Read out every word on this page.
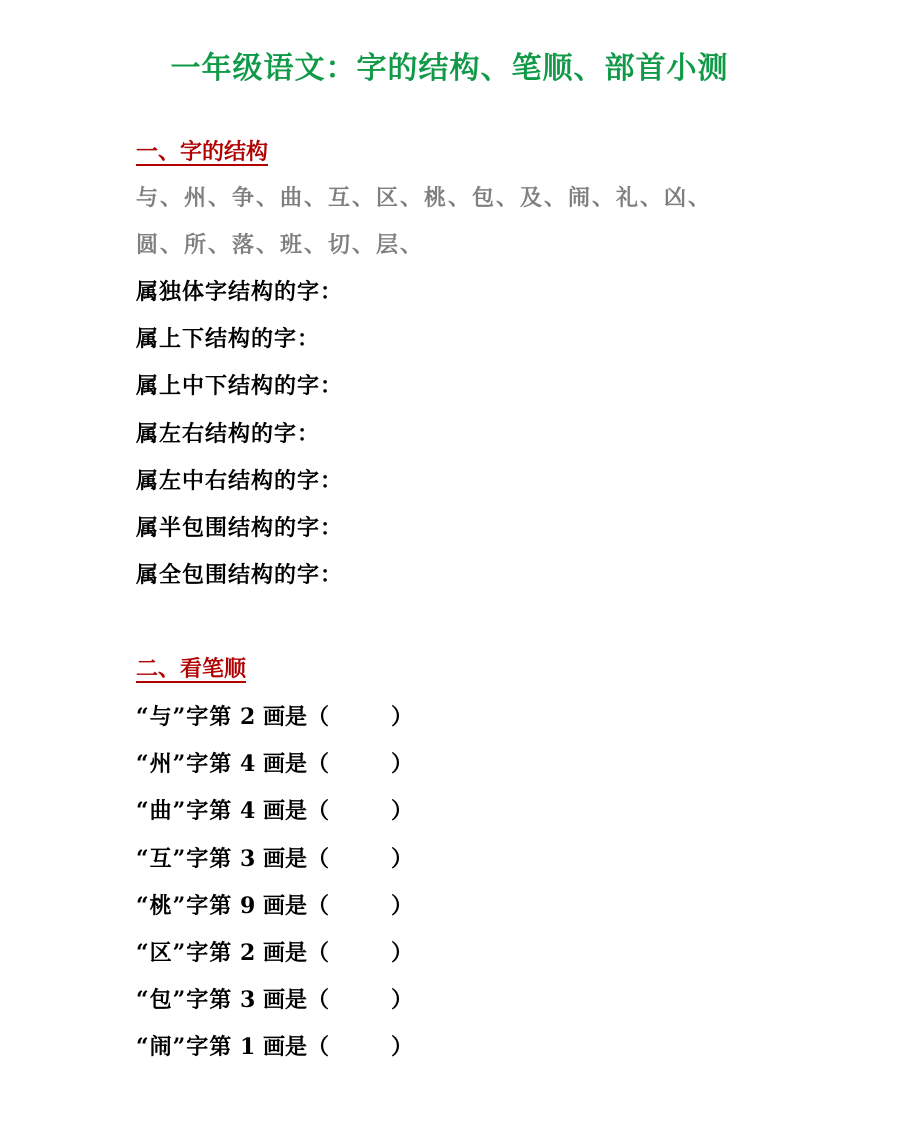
一年级语文：字的结构、笔顺、部首小测
一、字的结构
与、州、争、曲、互、区、桃、包、及、闹、礼、凶、
圆、所、落、班、切、层、
属独体字结构的字：
属上下结构的字：
属上中下结构的字：
属左右结构的字：
属左中右结构的字：
属半包围结构的字：
属全包围结构的字：
二、看笔顺
“与”字第 2 画是（	）
“州”字第 4 画是（	）
“曲”字第 4 画是（	）
“互”字第 3 画是（	）
“桃”字第 9 画是（	）
“区”字第 2 画是（	）
“包”字第 3 画是（	）
“闹”字第 1 画是（	）
